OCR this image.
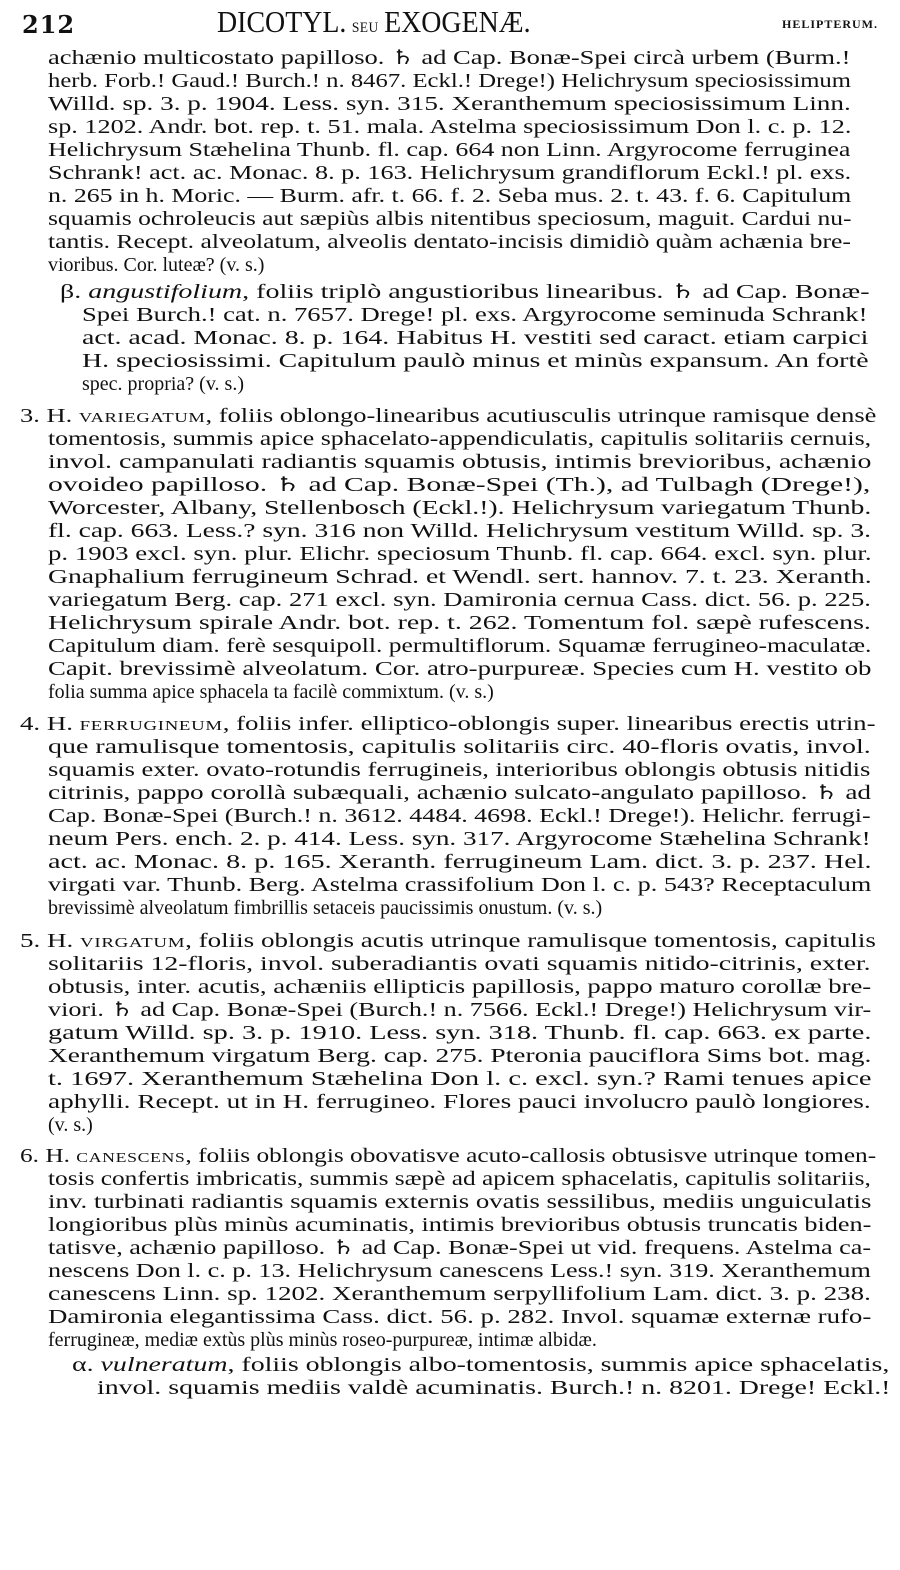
212	DICOTYL. seu EXOGENÆ.	HELIPTERUM.
achænio multicostato papilloso. ♄ ad Cap. Bonæ-Spei circà urbem (Burm.!
herb. Forb.! Gaud.! Burch.! n. 8467. Eckl.! Drege!) Helichrysum speciosissimum
Willd. sp. 3. p. 1904. Less. syn. 315. Xeranthemum speciosissimum Linn.
sp. 1202. Andr. bot. rep. t. 51. mala. Astelma speciosissimum Don l. c. p. 12.
Helichrysum Stæhelina Thunb. fl. cap. 664 non Linn. Argyrocome ferruginea
Schrank! act. ac. Monac. 8. p. 163. Helichrysum grandiflorum Eckl.! pl. exs.
n. 265 in h. Moric. — Burm. afr. t. 66. f. 2. Seba mus. 2. t. 43. f. 6. Capitulum
squamis ochroleucis aut sæpiùs albis nitentibus speciosum, maguit. Cardui nu-
tantis. Recept. alveolatum, alveolis dentato-incisis dimidiò quàm achænia bre-
vioribus. Cor. luteæ? (v. s.)
β. angustifolium, foliis triplò angustioribus linearibus. ♄ ad Cap. Bonæ-
Spei Burch.! cat. n. 7657. Drege! pl. exs. Argyrocome seminuda Schrank!
act. acad. Monac. 8. p. 164. Habitus H. vestiti sed caract. etiam carpici
H. speciosissimi. Capitulum paulò minus et minùs expansum. An fortè
spec. propria? (v. s.)
3. H. variegatum, foliis oblongo-linearibus acutiusculis utrinque ramisque densè
tomentosis, summis apice sphacelato-appendiculatis, capitulis solitariis cernuis,
invol. campanulati radiantis squamis obtusis, intimis brevioribus, achænio
ovoideo papilloso. ♄ ad Cap. Bonæ-Spei (Th.), ad Tulbagh (Drege!),
Worcester, Albany, Stellenbosch (Eckl.!). Helichrysum variegatum Thunb.
fl. cap. 663. Less.? syn. 316 non Willd. Helichrysum vestitum Willd. sp. 3.
p. 1903 excl. syn. plur. Elichr. speciosum Thunb. fl. cap. 664. excl. syn. plur.
Gnaphalium ferrugineum Schrad. et Wendl. sert. hannov. 7. t. 23. Xeranth.
variegatum Berg. cap. 271 excl. syn. Damironia cernua Cass. dict. 56. p. 225.
Helichrysum spirale Andr. bot. rep. t. 262. Tomentum fol. sæpè rufescens.
Capitulum diam. ferè sesquipoll. permultiflorum. Squamæ ferrugineo-maculatæ.
Capit. brevissimè alveolatum. Cor. atro-purpureæ. Species cum H. vestito ob
folia summa apice sphacela ta facilè commixtum. (v. s.)
4. H. ferrugineum, foliis infer. elliptico-oblongis super. linearibus erectis utrin-
que ramulisque tomentosis, capitulis solitariis circ. 40-floris ovatis, invol.
squamis exter. ovato-rotundis ferrugineis, interioribus oblongis obtusis nitidis
citrinis, pappo corollà subæquali, achænio sulcato-angulato papilloso. ♄ ad
Cap. Bonæ-Spei (Burch.! n. 3612. 4484. 4698. Eckl.! Drege!). Helichr. ferrugi-
neum Pers. ench. 2. p. 414. Less. syn. 317. Argyrocome Stæhelina Schrank!
act. ac. Monac. 8. p. 165. Xeranth. ferrugineum Lam. dict. 3. p. 237. Hel.
virgati var. Thunb. Berg. Astelma crassifolium Don l. c. p. 543? Receptaculum
brevissimè alveolatum fimbrillis setaceis paucissimis onustum. (v. s.)
5. H. virgatum, foliis oblongis acutis utrinque ramulisque tomentosis, capitulis
solitariis 12-floris, invol. suberadiantis ovati squamis nitido-citrinis, exter.
obtusis, inter. acutis, achæniis ellipticis papillosis, pappo maturo corollæ bre-
viori. ♄ ad Cap. Bonæ-Spei (Burch.! n. 7566. Eckl.! Drege!) Helichrysum vir-
gatum Willd. sp. 3. p. 1910. Less. syn. 318. Thunb. fl. cap. 663. ex parte.
Xeranthemum virgatum Berg. cap. 275. Pteronia pauciflora Sims bot. mag.
t. 1697. Xeranthemum Stæhelina Don l. c. excl. syn.? Rami tenues apice
aphylli. Recept. ut in H. ferrugineo. Flores pauci involucro paulò longiores.
(v. s.)
6. H. canescens, foliis oblongis obovatisve acuto-callosis obtusisve utrinque tomen-
tosis confertis imbricatis, summis sæpè ad apicem sphacelatis, capitulis solitariis,
inv. turbinati radiantis squamis externis ovatis sessilibus, mediis unguiculatis
longioribus plùs minùs acuminatis, intimis brevioribus obtusis truncatis biden-
tatisve, achænio papilloso. ♄ ad Cap. Bonæ-Spei ut vid. frequens. Astelma ca-
nescens Don l. c. p. 13. Helichrysum canescens Less.! syn. 319. Xeranthemum
canescens Linn. sp. 1202. Xeranthemum serpyllifolium Lam. dict. 3. p. 238.
Damironia elegantissima Cass. dict. 56. p. 282. Invol. squamæ externæ rufo-
ferrugineæ, mediæ extùs plùs minùs roseo-purpureæ, intimæ albidæ.
α. vulneratum, foliis oblongis albo-tomentosis, summis apice sphacelatis,
invol. squamis mediis valdè acuminatis. Burch.! n. 8201. Drege! Eckl.!
